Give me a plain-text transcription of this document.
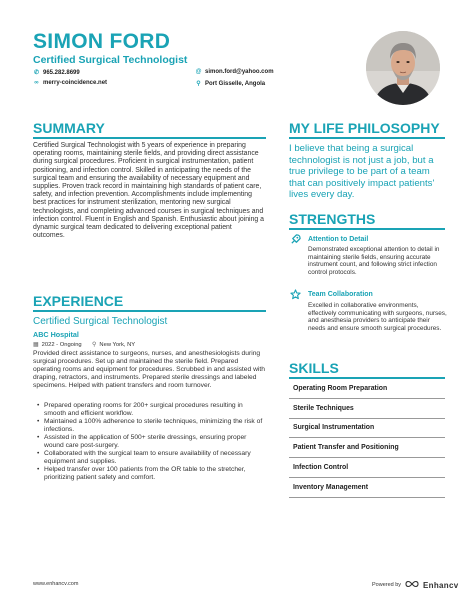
SIMON FORD
Certified Surgical Technologist
✆ 965.282.8699	@ simon.ford@yahoo.com
∞ merry-coincidence.net	⚲ Port Gisselle, Angola
SUMMARY
Certified Surgical Technologist with 5 years of experience in preparing operating rooms, maintaining sterile fields, and providing direct assistance during surgical procedures. Proficient in surgical instrumentation, patient positioning, and infection control. Skilled in anticipating the needs of the surgical team and ensuring the availability of necessary equipment and supplies. Proven track record in maintaining high standards of patient care, safety, and infection prevention. Accomplishments include implementing best practices for instrument sterilization, mentoring new surgical technologists, and completing advanced courses in surgical techniques and infection control. Fluent in English and Spanish. Enthusiastic about joining a dynamic surgical team dedicated to delivering exceptional patient outcomes.
EXPERIENCE
Certified Surgical Technologist
ABC Hospital
▦ 2022 - Ongoing ⚲ New York, NY
Provided direct assistance to surgeons, nurses, and anesthesiologists during surgical procedures. Set up and maintained the sterile field. Prepared operating rooms and equipment for procedures. Scrubbed in and assisted with draping, retractors, and instruments. Prepared sterile dressings and labeled specimens. Helped with patient transfers and room turnover.
• Prepared operating rooms for 200+ surgical procedures resulting in smooth and efficient workflow.
• Maintained a 100% adherence to sterile techniques, minimizing the risk of infections.
• Assisted in the application of 500+ sterile dressings, ensuring proper wound care post-surgery.
• Collaborated with the surgical team to ensure availability of necessary equipment and supplies.
• Helped transfer over 100 patients from the OR table to the stretcher, prioritizing patient safety and comfort.
MY LIFE PHILOSOPHY
I believe that being a surgical technologist is not just a job, but a true privilege to be part of a team that can positively impact patients' lives every day.
STRENGTHS
Attention to Detail
Demonstrated exceptional attention to detail in maintaining sterile fields, ensuring accurate instrument count, and following strict infection control protocols.
Team Collaboration
Excelled in collaborative environments, effectively communicating with surgeons, nurses, and anesthesia providers to anticipate their needs and ensure smooth surgical procedures.
SKILLS
Operating Room Preparation
Sterile Techniques
Surgical Instrumentation
Patient Transfer and Positioning
Infection Control
Inventory Management
www.enhancv.com	Powered by	Enhancv
